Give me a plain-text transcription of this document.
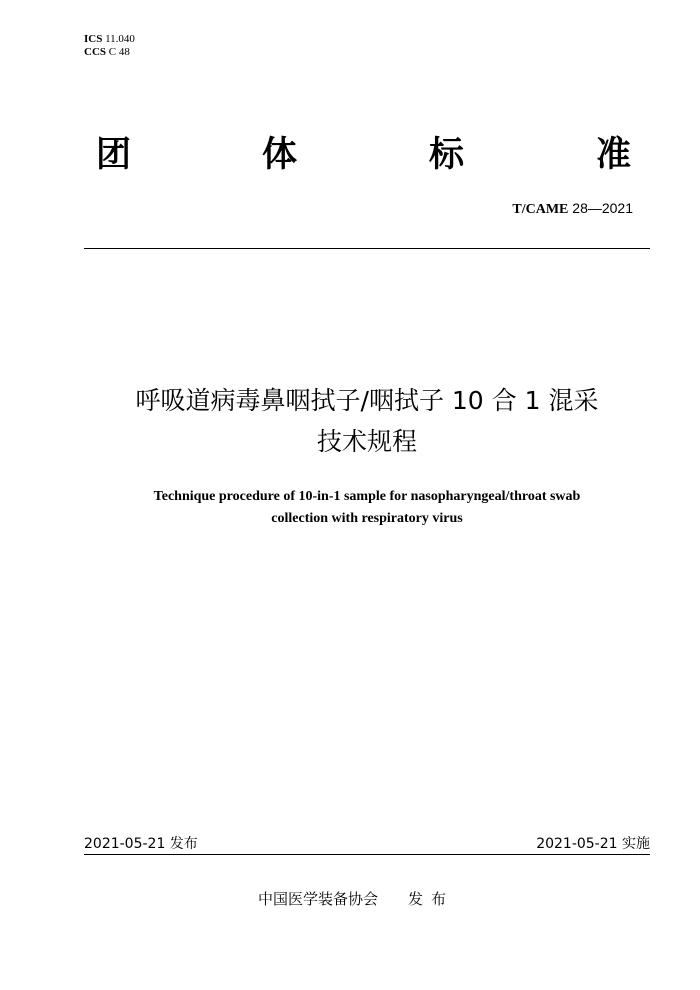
ICS 11.040
CCS C 48
团	体	标	准
T/CAME 28—2021
呼吸道病毒鼻咽拭子/咽拭子 10 合 1 混采
技术规程
Technique procedure of 10-in-1 sample for nasopharyngeal/throat swab
collection with respiratory virus
2021-05-21 发布	2021-05-21 实施
中国医学装备协会 发布
